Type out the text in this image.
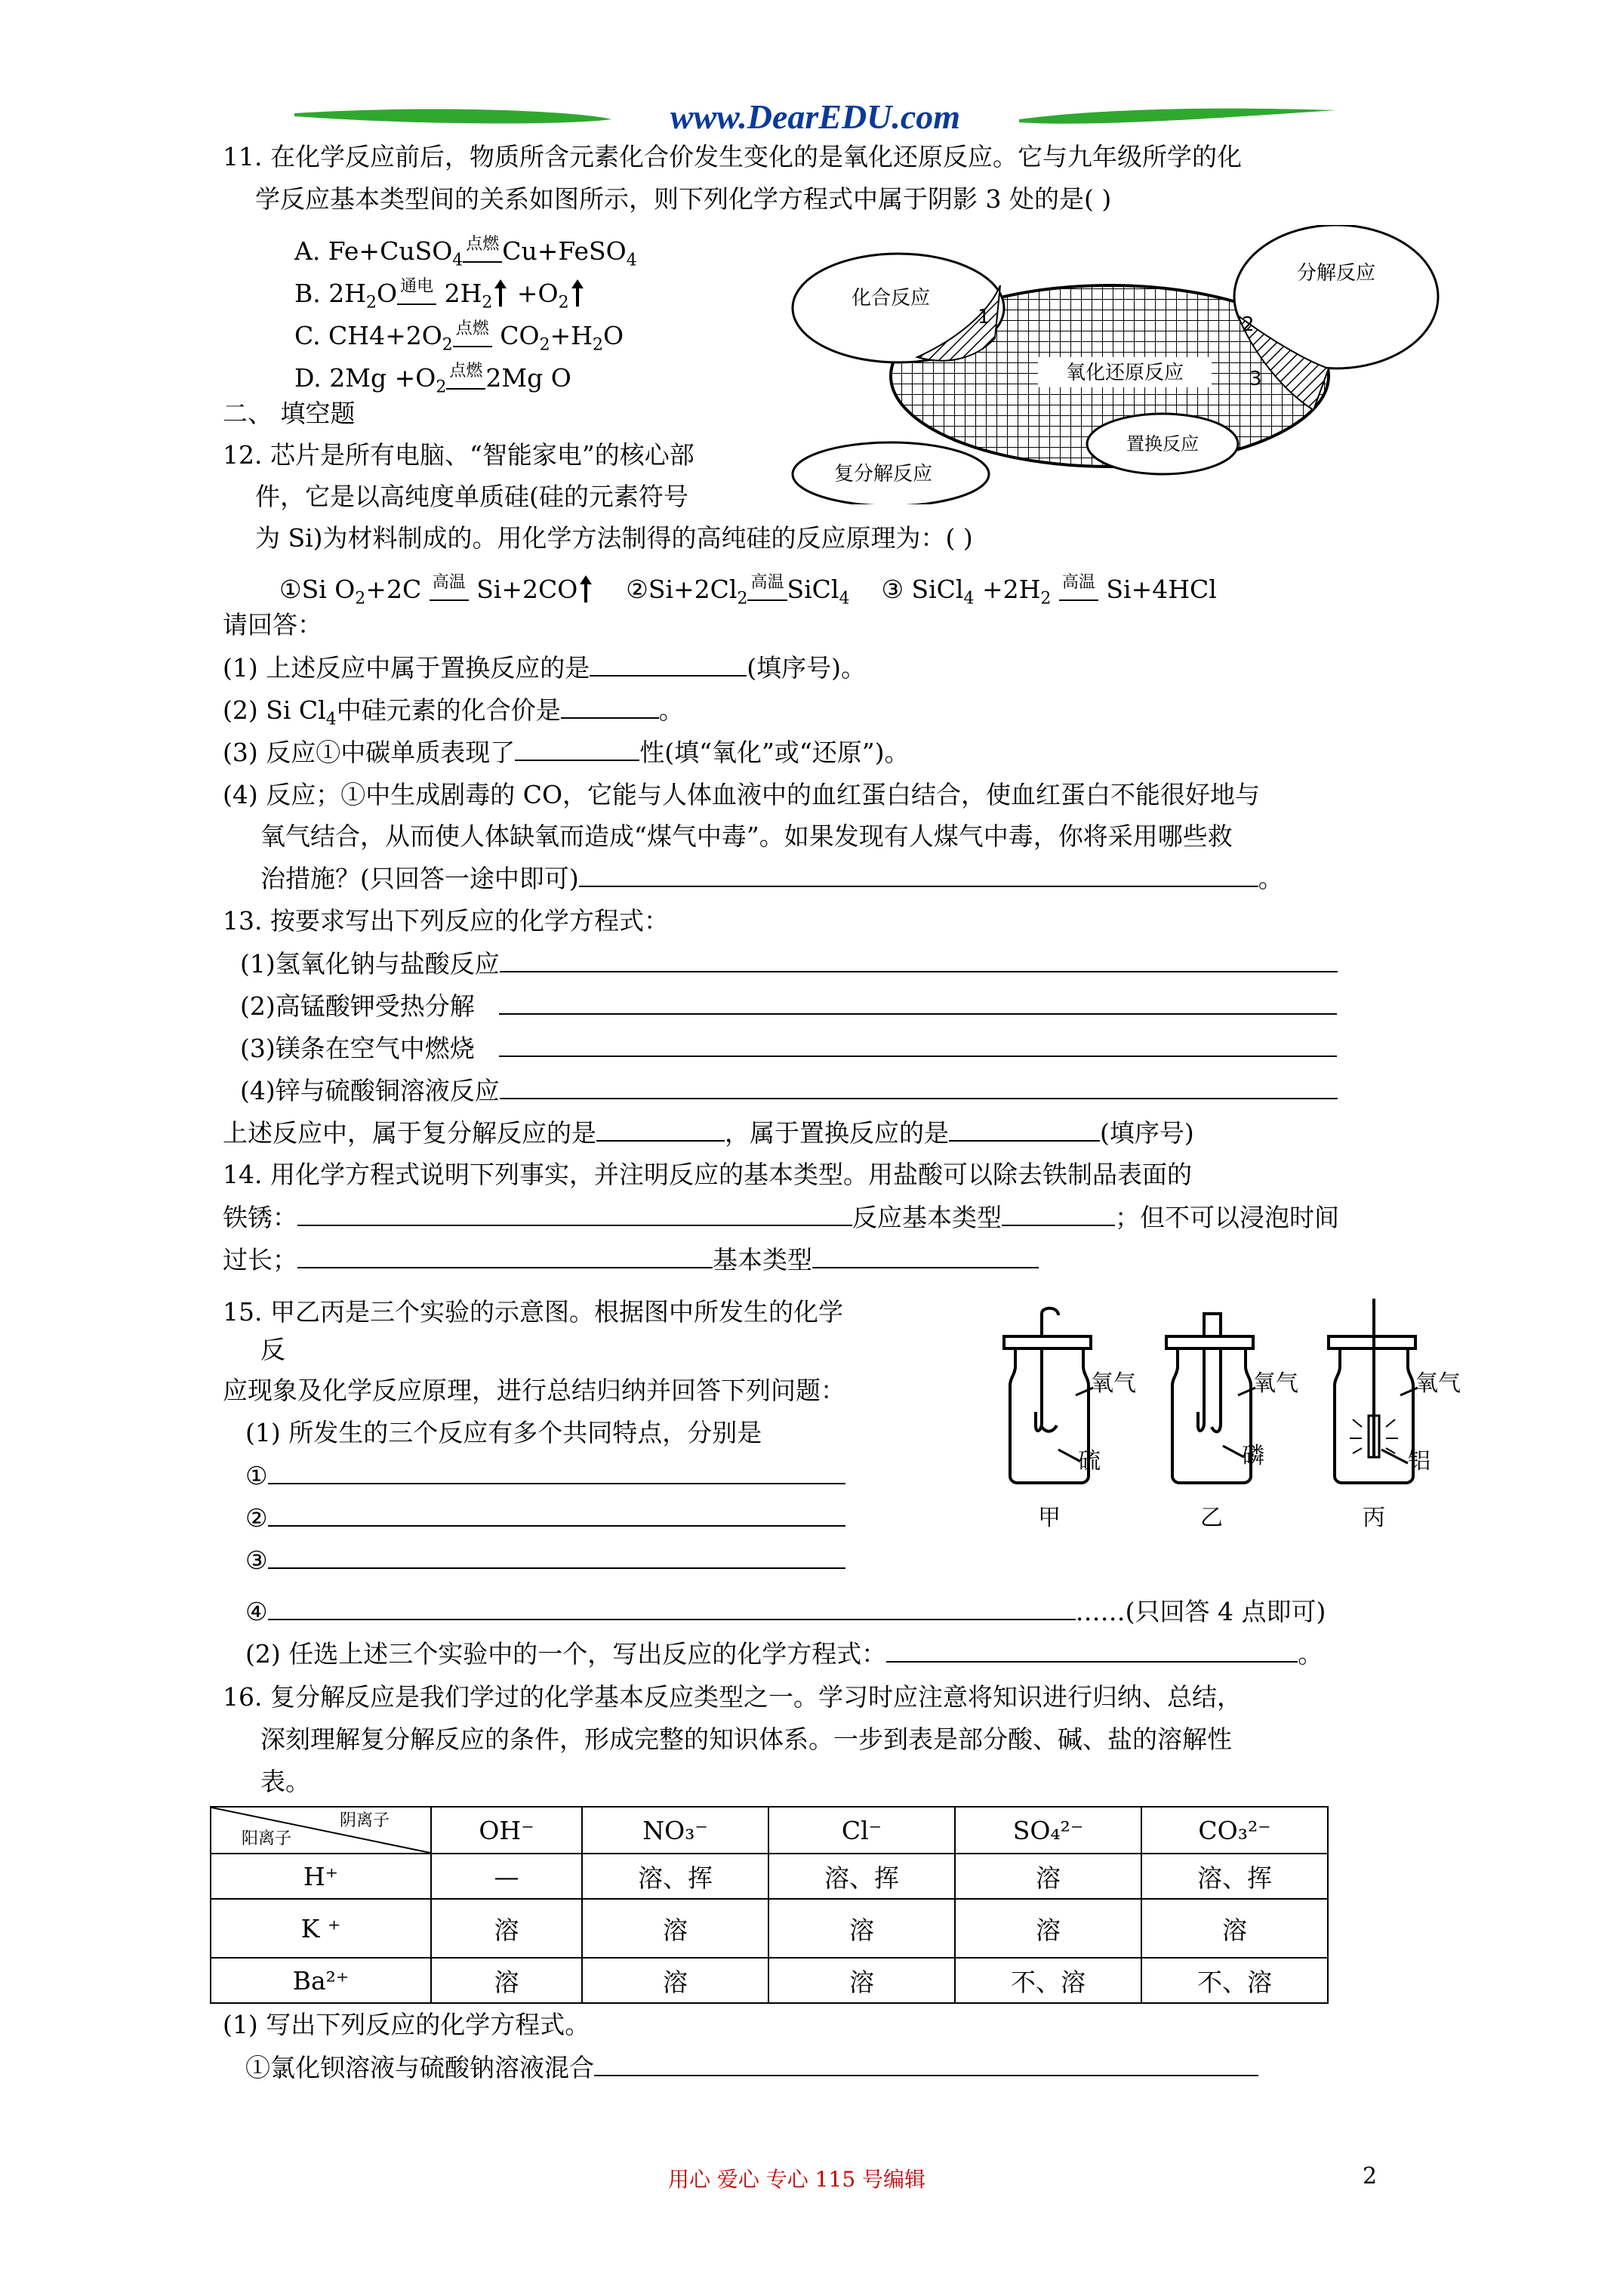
www.DearEDU.com
11. 在化学反应前后，物质所含元素化合价发生变化的是氧化还原反应。它与九年级所学的化
学反应基本类型间的关系如图所示，则下列化学方程式中属于阴影 3 处的是( )
A. Fe+CuSO$_4$点燃 Cu+FeSO$_4$
B. $2H_2O$ 通电 $2H_2 +O_2$
C. $CH4+2O_2$点燃 $CO_2+H_2O$
D. $2Mg +O_2$点燃 2Mg O
化合反应
分解反应
氧化还原反应
置换反应
复分解反应
1	2
3
二、 填空题
12. 芯片是所有电脑、“智能家电”的核心部
件，它是以高纯度单质硅(硅的元素符号
为 Si)为材料制成的。用化学方法制得的高纯硅的反应原理为：( )
①Si $O_2+2C$ 高温 Si+2CO $②Si+2Cl_2$高温 SiCl$_4$ ③ SiCl$_4$ $+2H_2$ 高温 Si+4HCl
请回答：
(1) 上述反应中属于置换反应的是	(填序号)。
(2) Si $Cl_4$中硅元素的化合价是	。
(3) 反应①中碳单质表现了	性(填“氧化”或“还原”)。
(4) 反应；①中生成剧毒的 CO，它能与人体血液中的血红蛋白结合，使血红蛋白不能很好地与
氧气结合，从而使人体缺氧而造成“煤气中毒”。如果发现有人煤气中毒，你将采用哪些救
治措施？(只回答一途中即可)	。
13. 按要求写出下列反应的化学方程式：
(1)氢氧化钠与盐酸反应
(2)高锰酸钾受热分解
(3)镁条在空气中燃烧
(4)锌与硫酸铜溶液反应
上述反应中，属于复分解反应的是	，属于置换反应的是	(填序号)
14. 用化学方程式说明下列事实，并注明反应的基本类型。用盐酸可以除去铁制品表面的
铁锈：	反应基本类型	；但不可以浸泡时间
过长；	基本类型
15. 甲乙丙是三个实验的示意图。根据图中所发生的化学
反
应现象及化学反应原理，进行总结归纳并回答下列问题：
(1) 所发生的三个反应有多个共同特点，分别是
①
②
③
④	……(只回答 4 点即可)
(2) 任选上述三个实验中的一个，写出反应的化学方程式：	。
氧气
硫
甲
氧气
磷
乙
氧气
铝
丙
16. 复分解反应是我们学过的化学基本反应类型之一。学习时应注意将知识进行归纳、总结，
深刻理解复分解反应的条件，形成完整的知识体系。一步到表是部分酸、碱、盐的溶解性
表。
阴离子
阳离子	OH⁻	NO₃⁻	Cl⁻	SO₄²⁻	CO₃²⁻
H⁺	—	溶、挥	溶、挥	溶	溶、挥
K ⁺	溶	溶	溶	溶	溶
Ba²⁺	溶	溶	溶	不、溶	不、溶
(1) 写出下列反应的化学方程式。
①氯化钡溶液与硫酸钠溶液混合
用心 爱心 专心 115 号编辑	2
